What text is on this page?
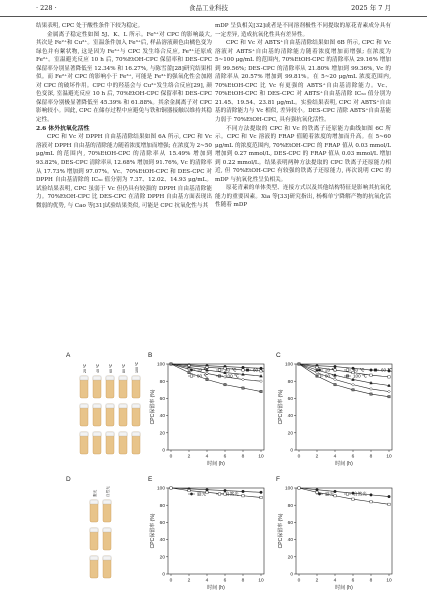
· 228 ·	食品工业科技	2025 年 7 月

结果表明, CPC 处于酸性条件下较为稳定。

金属离子稳定性如图 5J、K、L 所示。Fe³⁺对 CPC 的影响最大, 其次是 Fe²⁺和 Cu²⁺。室温条件加入 Fe³⁺后, 样品溶液颜色由橘色变为绿色并有絮状物, 这是因为 Fe³⁺与 CPC 发生络合反应, Fe³⁺还原成 Fe²⁺。室温避光反应 10 h 后, 70%EtOH-CPC 保留率和 DES-CPC 保留率分别显著降低至 12.34% 和 16.27%, 与陈雪蕾[28]研究结果相似。而 Fe²⁺对 CPC 的影响小于 Fe³⁺, 可能是 Fe³⁺的强氧化性会加剧对 CPC 的破坏作用。CPC 中的羟基会与 Cu²⁺发生络合反应[29], 颜色变深, 室温避光反应 10 h 后, 70%EtOH-CPC 保留率和 DES-CPC 保留率分别极显著降低至 45.39% 和 61.88%。其余金属离子对 CPC 影响较小。因此, CPC 在储存过程中应避免与铁和铜器接触以维持其稳定性。

2.6 体外抗氧化活性

CPC 和 Vc 对 DPPH 自由基清除结果如图 6A 所示, CPC 和 Vc 溶液对 DPPH 自由基的清除能力随着浓度增加而增强; 在浓度为 2~50 μg/mL 的范围内, 70%EtOH-CPC 的清除率从 15.49% 增加到 93.82%, DES-CPC 清除率从 12.68% 增加到 91.76%, Vc 的清除率从 17.73% 增加到 97.07%。Vc、70%EtOH-CPC 和 DES-CPC 对 DPPH 自由基清除的 IC₅₀ 值分别为 7.37、12.02、14.93 μg/mL。试验结果表明, CPC 虽弱于 Vc 但仍具有较强的 DPPH 自由基清除能力。70%EtOH-CPC 比 DES-CPC 在清除 DPPH 自由基方面表现出微弱的优势, 与 Cao 等[31]试验结果类似, 可能是 CPC 抗氧化性与其

mDP 呈负相关[32]或者是不同溶剂极性不同提取的原花青素成分具有一定差异, 造成抗氧化性具有差异性。

CPC 和 Vc 对 ABTS⁺自由基清除结果如图 6B 所示, CPC 和 Vc 溶液对 ABTS⁺自由基的清除能力随着浓度增加而增强; 在浓度为 5~100 μg/mL 的范围内, 70%EtOH-CPC 的清除率从 29.16% 增加到 99.56%; DES-CPC 的清除率从 21.80% 增加到 99.36%, Vc 的清除率从 20.57% 增加到 99.81%。在 5~20 μg/mL 浓度范围内, 70%EtOH-CPC 比 Vc 有更强的 ABTS⁺自由基清除能力。Vc、70%EtOH-CPC 和 DES-CPC 对 ABTS⁺自由基清除 IC₅₀ 值分别为 21.45、19.54、23.81 μg/mL。实验结果表明, CPC 对 ABTS⁺自由基的清除能力与 Vc 相似, 差异较小。DES-CPC 清除 ABTS⁺自由基能力弱于 70%EtOH-CPC, 具有强抗氧化活性。

不同方法提取的 CPC 和 Vc 的铁离子还原能力曲线如图 6C 所示。CPC 和 Vc 溶液的 FRAP 值随着浓度的增加而升高。在 5~60 μg/mL 的浓度范围内, 70%EtOH-CPC 的 FRAP 值从 0.03 mmol/L 增加到 0.27 mmol/L, DES-CPC 的 FRAP 值从 0.03 mmol/L 增加到 0.22 mmol/L。结果表明两种方法提取的 CPC 铁离子还原能力相近, 但 70%EtOH-CPC 有较强的铁离子还原能力, 再次说明 CPC 的 mDP 与抗氧化性呈负相关。

原花青素的单体类型、连接方式以及其他结构特征是影响其抗氧化能力的重要因素。Xia 等[33]研究指出, 杨梅单宁降解产物的抗氧化活性随着 mDP

A
20 ℃	40 ℃	60 ℃	80 ℃	100 ℃
D
避光	自然光
B
0
20
40
60
80
100
0	2	4	6	8	10
时间 (h)
CPC保留率 (%)
20 ℃	40 ℃	60 ℃
80 ℃	100 ℃
C
0
20
40
60
80
100
0	2	4	6	8	10
时间 (h)
CPC保留率 (%)
20 ℃	40 ℃	60 ℃
80 ℃	100 ℃
E
0
20
40
60
80
100
0	2	4	6	8	10
时间 (h)
CPC保留率 (%)
避光	自然光
F
0
20
40
60
80
100
0	2	4	6	8	10
时间 (h)
CPC保留率 (%)
避光	自然光
